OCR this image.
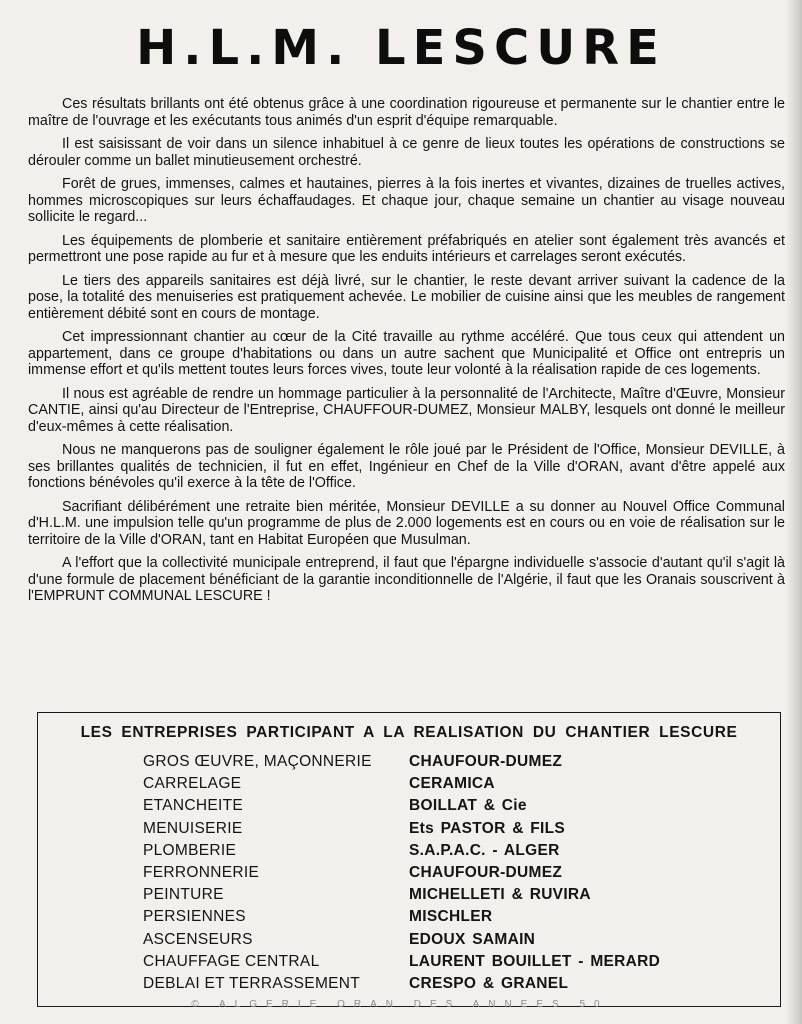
H.L.M. LESCURE

Ces résultats brillants ont été obtenus grâce à une coordination rigoureuse et permanente sur le chantier entre le maître de l'ouvrage et les exécutants tous animés d'un esprit d'équipe remarquable.

Il est saisissant de voir dans un silence inhabituel à ce genre de lieux toutes les opérations de constructions se dérouler comme un ballet minutieusement orchestré.

Forêt de grues, immenses, calmes et hautaines, pierres à la fois inertes et vivantes, dizaines de truelles actives, hommes microscopiques sur leurs échaffaudages. Et chaque jour, chaque semaine un chantier au visage nouveau sollicite le regard...

Les équipements de plomberie et sanitaire entièrement préfabriqués en atelier sont également très avancés et permettront une pose rapide au fur et à mesure que les enduits intérieurs et carrelages seront exécutés.

Le tiers des appareils sanitaires est déjà livré, sur le chantier, le reste devant arriver suivant la cadence de la pose, la totalité des menuiseries est pratiquement achevée. Le mobilier de cuisine ainsi que les meubles de rangement entièrement débité sont en cours de montage.

Cet impressionnant chantier au cœur de la Cité travaille au rythme accéléré. Que tous ceux qui attendent un appartement, dans ce groupe d'habitations ou dans un autre sachent que Municipalité et Office ont entrepris un immense effort et qu'ils mettent toutes leurs forces vives, toute leur volonté à la réalisation rapide de ces logements.

Il nous est agréable de rendre un hommage particulier à la personnalité de l'Architecte, Maître d'Œuvre, Monsieur CANTIE, ainsi qu'au Directeur de l'Entreprise, CHAUFFOUR-DUMEZ, Monsieur MALBY, lesquels ont donné le meilleur d'eux-mêmes à cette réalisation.

Nous ne manquerons pas de souligner également le rôle joué par le Président de l'Office, Monsieur DEVILLE, à ses brillantes qualités de technicien, il fut en effet, Ingénieur en Chef de la Ville d'ORAN, avant d'être appelé aux fonctions bénévoles qu'il exerce à la tête de l'Office.

Sacrifiant délibérément une retraite bien méritée, Monsieur DEVILLE a su donner au Nouvel Office Communal d'H.L.M. une impulsion telle qu'un programme de plus de 2.000 logements est en cours ou en voie de réalisation sur le territoire de la Ville d'ORAN, tant en Habitat Européen que Musulman.

A l'effort que la collectivité municipale entreprend, il faut que l'épargne individuelle s'associe d'autant qu'il s'agit là d'une formule de placement bénéficiant de la garantie inconditionnelle de l'Algérie, il faut que les Oranais souscrivent à l'EMPRUNT COMMUNAL LESCURE !

LES ENTREPRISES PARTICIPANT A LA REALISATION DU CHANTIER LESCURE
GROS ŒUVRE, MAÇONNERIE	CHAUFOUR-DUMEZ
CARRELAGE	CERAMICA
ETANCHEITE	BOILLAT & Cie
MENUISERIE	Ets PASTOR & FILS
PLOMBERIE	S.A.P.A.C. - ALGER
FERRONNERIE	CHAUFOUR-DUMEZ
PEINTURE	MICHELLETI & RUVIRA
PERSIENNES	MISCHLER
ASCENSEURS	EDOUX SAMAIN
CHAUFFAGE CENTRAL	LAURENT BOUILLET - MERARD
DEBLAI ET TERRASSEMENT	CRESPO & GRANEL
© ALGERIE ORAN DES ANNEES 50
